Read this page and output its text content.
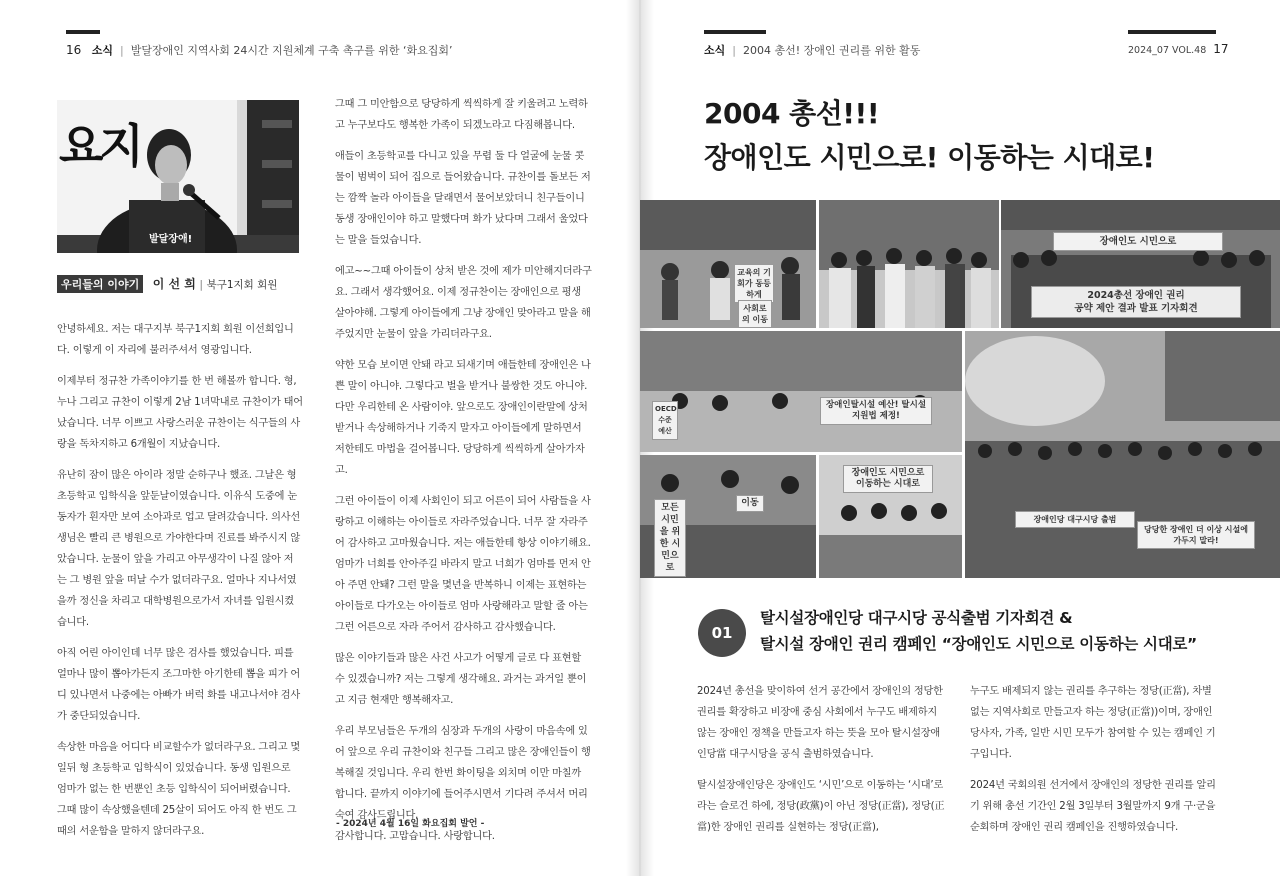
16 소식  |  발달장애인 지역사회 24시간 지원체계 구축 촉구를 위한 ‘화요집회’
요지
발달장애!
우리들의 이야기 이 선 희 | 북구1지회 회원

안녕하세요. 저는 대구지부 북구1지회 회원 이선희입니다. 이렇게 이 자리에 불러주셔서 영광입니다.

이제부터 정규찬 가족이야기를 한 번 해볼까 합니다. 형, 누나 그리고 규찬이 이렇게 2남 1녀막내로 규찬이가 태어났습니다. 너무 이쁘고 사랑스러운 규찬이는 식구들의 사랑을 독차지하고 6개월이 지났습니다.

유난히 잠이 많은 아이라 정말 순하구나 했죠. 그날은 형 초등학교 입학식을 앞둔날이였습니다. 이유식 도중에 눈동자가 흰자만 보여 소아과로 업고 달려갔습니다. 의사선생님은 빨리 큰 병원으로 가야한다며 진료를 봐주시지 않았습니다. 눈물이 앞을 가리고 아무생각이 나질 않아 저는 그 병원 앞을 떠날 수가 없더라구요. 얼마나 지나서였을까 정신을 차리고 대학병원으로가서 자녀를 입원시켰습니다.

아직 어린 아이인데 너무 많은 검사를 했었습니다. 피를 얼마나 많이 뽑아가든지 조그마한 아기한테 뽑을 피가 어디 있나면서 나중에는 아빠가 버럭 화를 내고나서야 검사가 중단되었습니다.

속상한 마음을 어디다 비교할수가 없더라구요. 그리고 몇일뒤 형 초등학교 입학식이 있었습니다. 동생 입원으로 엄마가 없는 한 번뿐인 초등 입학식이 되어버렸습니다. 그때 많이 속상했을텐데 25살이 되어도 아직 한 번도 그때의 서운함을 말하지 않더라구요.

그때 그 미안함으로 당당하게 씩씩하게 잘 키울려고 노력하고 누구보다도 행복한 가족이 되겠노라고 다짐해봅니다.

애들이 초등학교를 다니고 있을 무렵 둘 다 얼굴에 눈물 콧물이 범벅이 되어 집으로 들어왔습니다. 규찬이를 돌보든 저는 깜짝 놀라 아이들을 달래면서 물어보았더니 친구들이니 동생 장애인이야 하고 말했다며 화가 났다며 그래서 울었다는 말을 들었습니다.

에고~~그때 아이들이 상처 받은 것에 제가 미안해지더라구요. 그래서 생각했어요. 이제 정규찬이는 장애인으로 평생 살아야해. 그렇게 아이들에게 그냥 장애인 맞아라고 말을 해주었지만 눈물이 앞을 가리더라구요.

약한 모습 보이면 안돼 라고 되새기며 애들한테 장애인은 나쁜 말이 아니야. 그렇다고 벌을 받거나 불쌍한 것도 아니야. 다만 우리한테 온 사람이야. 앞으로도 장애인이란말에 상처받거나 속상해하거나 기죽지 말자고 아이들에게 말하면서 저한테도 마법을 걸어봅니다. 당당하게 씩씩하게 살아가자고.

그런 아이들이 이제 사회인이 되고 어른이 되어 사람들을 사랑하고 이해하는 아이들로 자라주었습니다. 너무 잘 자라주어 감사하고 고마웠습니다. 저는 애들한테 항상 이야기해요. 엄마가 너희를 안아주길 바라지 말고 너희가 엄마를 먼저 안아 주면 안돼? 그런 말을 몇년을 반복하니 이제는 표현하는 아이들로 다가오는 아이들로 엄마 사랑해라고 말할 줄 아는 그런 어른으로 자라 주어서 감사하고 감사했습니다.

많은 이야기들과 많은 사건 사고가 어떻게 글로 다 표현할 수 있겠습니까? 저는 그렇게 생각해요. 과거는 과거일 뿐이고 지금 현재만 행복해자고.

우리 부모님들은 두개의 심장과 두개의 사랑이 마음속에 있어 앞으로 우리 규찬이와 친구들 그리고 많은 장애인들이 행복해질 것입니다. 우리 한번 화이팅을 외치며 이만 마칠까 합니다. 끝까지 이야기에 들어주시면서 기다려 주셔서 머리 숙여 감사드립니다.

감사합니다. 고맙습니다. 사랑합니다.

- 2024년 4월 16일 화요집회 발언 -
소식  |  2004 총선! 장애인 권리를 위한 활동	2024_07 VOL.48 17
2004 총선!!!
장애인도 시민으로! 이동하는 시대로!
교육의 기회가 동등하게
사회로의 이동
장애인도 시민으로
2024총선 장애인 권리
공약 제안 결과 발표 기자회견
OECD 수준 예산
장애인탈시설 예산! 탈시설지원법 제정!
장애인당 대구시당 출범
당당한 장애인 더 이상 시설에 가두지 말라!
모든 시민을 위한 시민으로
이동
장애인도 시민으로 이동하는 시대로
01
탈시설장애인당 대구시당 공식출범 기자회견 &
탈시설 장애인 권리 캠페인 “장애인도 시민으로 이동하는 시대로”

2024년 총선을 맞이하여 선거 공간에서 장애인의 정당한 권리를 확장하고 비장애 중심 사회에서 누구도 배제하지 않는 장애인 정책을 만들고자 하는 뜻을 모아 탈시설장애인당當 대구시당을 공식 출범하였습니다.

탈시설장애인당은 장애인도 ‘시민’으로 이동하는 ‘시대’로 라는 슬로건 하에, 정당(政黨)이 아닌 정당(正當), 정당(正當)한 장애인 권리를 실현하는 정당(正當),

누구도 배제되지 않는 권리를 추구하는 정당(正當), 차별없는 지역사회로 만들고자 하는 정당(正當))이며, 장애인 당사자, 가족, 일반 시민 모두가 참여할 수 있는 캠페인 기구입니다.

2024년 국회의원 선거에서 장애인의 정당한 권리를 알리기 위해 총선 기간인 2월 3일부터 3월말까지 9개 구·군을 순회하며 장애인 권리 캠페인을 진행하였습니다.
